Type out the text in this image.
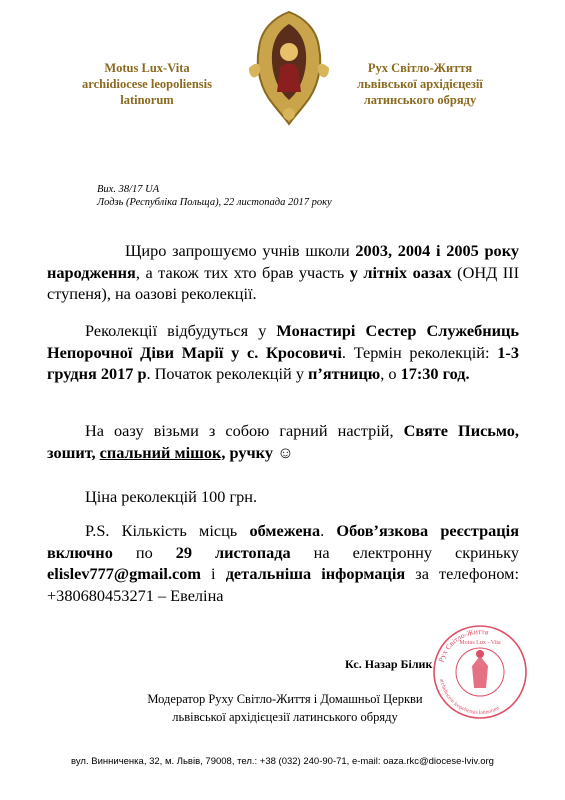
Motus Lux-Vita
archidiocese leopoliensis
latinorum
Рух Світло-Життя
львівської архідієцезії
латинського обряду
Вих. 38/17 UA
Лодзь (Республіка Польща), 22 листопада 2017 року
Щиро запрошуємо учнів школи 2003, 2004 і 2005 року народження, а також тих хто брав участь у літніх оазах (ОНД ІІІ ступеня), на оазові реколекції.
Реколекції відбудуться у Монастирі Сестер Служебниць Непорочної Діви Марії у с. Кросовичі. Термін реколекцій: 1-3 грудня 2017 р. Початок реколекцій у п’ятницю, о 17:30 год.
На оазу візьми з собою гарний настрій, Святе Письмо, зошит, спальний мішок, ручку ☺
Ціна реколекцій 100 грн.
P.S. Кількість місць обмежена. Обов’язкова реєстрація включно по 29 листопада на електронну скриньку elislev777@gmail.com і детальніша інформація за телефоном: +380680453271 – Евеліна
Кс. Назар Білик
Модератор Руху Світло-Життя і Домашньої Церкви
львівської архідієцезії латинського обряду
Рух Світло-Життя
Motus Lux - Vita
archidiocese leopoliensis latinorum
вул. Винниченка, 32, м. Львів, 79008, тел.: +38 (032) 240-90-71, e-mail: oaza.rkc@diocese-lviv.org
